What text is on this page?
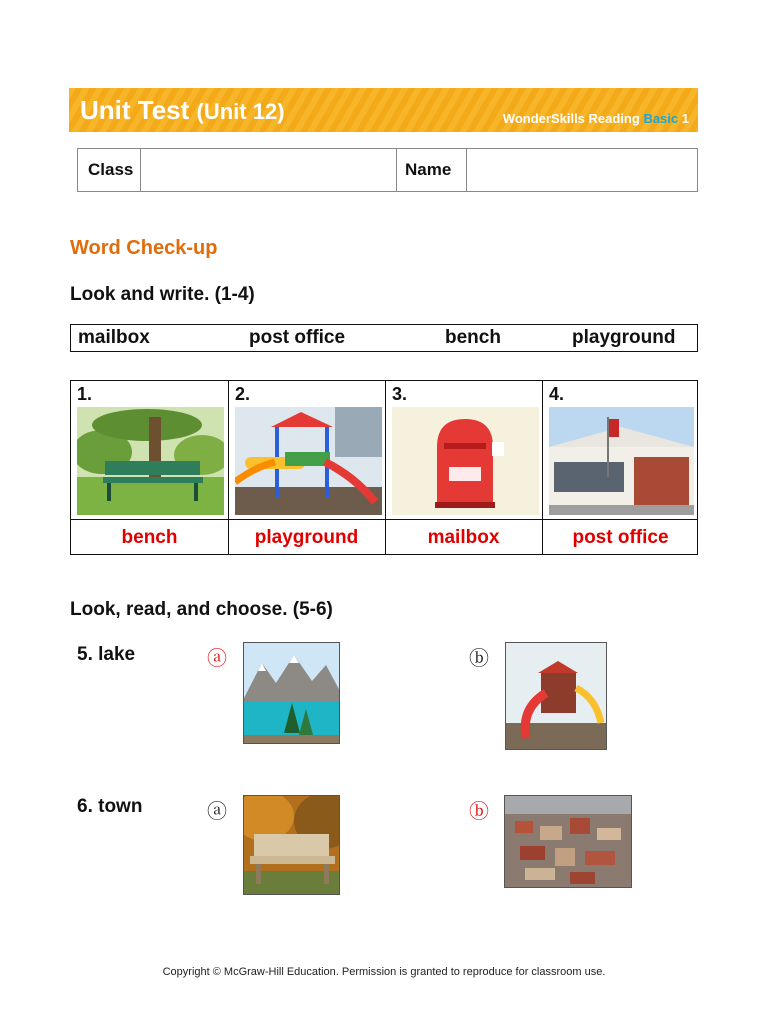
Unit Test (Unit 12)	WonderSkills Reading Basic 1
Class	Name
Word Check-up
Look and write. (1-4)
mailbox	post office	bench	playground
1.	2.	3.	4.
bench	playground	mailbox	post office
Look, read, and choose. (5-6)
5. lake	ⓐ	ⓑ
6. town	ⓐ	ⓑ
Copyright © McGraw-Hill Education. Permission is granted to reproduce for classroom use.
